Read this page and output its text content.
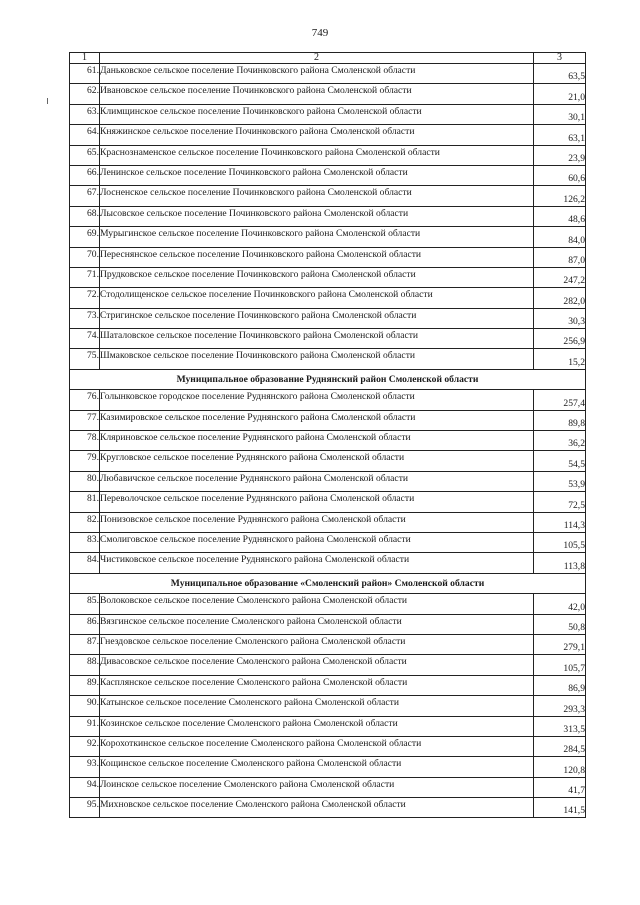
749
1	2	3
61.	Даньковское сельское поселение Починковского района Смоленской области	63,5
62.	Ивановское сельское поселение Починковского района Смоленской области	21,0
63.	Климщинское сельское поселение Починковского района Смоленской области	30,1
64.	Княжинское сельское поселение Починковского района Смоленской области	63,1
65.	Краснознаменское сельское поселение Починковского района Смоленской области	23,9
66.	Ленинское сельское поселение Починковского района Смоленской области	60,6
67.	Лосненское сельское поселение Починковского района Смоленской области	126,2
68.	Лысовское сельское поселение Починковского района Смоленской области	48,6
69.	Мурыгинское сельское поселение Починковского района Смоленской области	84,0
70.	Переснянское сельское поселение Починковского района Смоленской области	87,0
71.	Прудковское сельское поселение Починковского района Смоленской области	247,2
72.	Стодолищенское сельское поселение Починковского района Смоленской области	282,0
73.	Стригинское сельское поселение Починковского района Смоленской области	30,3
74.	Шаталовское сельское поселение Починковского района Смоленской области	256,9
75.	Шмаковское сельское поселение Починковского района Смоленской области	15,2
Муниципальное образование Руднянский район Смоленской области		
76.	Голынковское городское поселение Руднянского района Смоленской области	257,4
77.	Казимировское сельское поселение Руднянского района Смоленской области	89,8
78.	Кляриновское сельское поселение Руднянского района Смоленской области	36,2
79.	Кругловское сельское поселение Руднянского района Смоленской области	54,5
80.	Любавичское сельское поселение Руднянского района Смоленской области	53,9
81.	Переволочское сельское поселение Руднянского района Смоленской области	72,5
82.	Понизовское сельское поселение Руднянского района Смоленской области	114,3
83.	Смолиговское сельское поселение Руднянского района Смоленской области	105,5
84.	Чистиковское сельское поселение Руднянского района Смоленской области	113,8
Муниципальное образование «Смоленский район» Смоленской области		
85.	Волоковское сельское поселение Смоленского района Смоленской области	42,0
86.	Вязгинское сельское поселение Смоленского района Смоленской области	50,8
87.	Гнездовское сельское поселение Смоленского района Смоленской области	279,1
88.	Дивасовское сельское поселение Смоленского района Смоленской области	105,7
89.	Касплянское сельское поселение Смоленского района Смоленской области	86,9
90.	Катынское сельское поселение Смоленского района Смоленской области	293,3
91.	Козинское сельское поселение Смоленского района Смоленской области	313,5
92.	Корохоткинское сельское поселение Смоленского района Смоленской области	284,5
93.	Кощинское сельское поселение Смоленского района Смоленской области	120,8
94.	Лоинское сельское поселение Смоленского района Смоленской области	41,7
95.	Михновское сельское поселение Смоленского района Смоленской области	141,5
